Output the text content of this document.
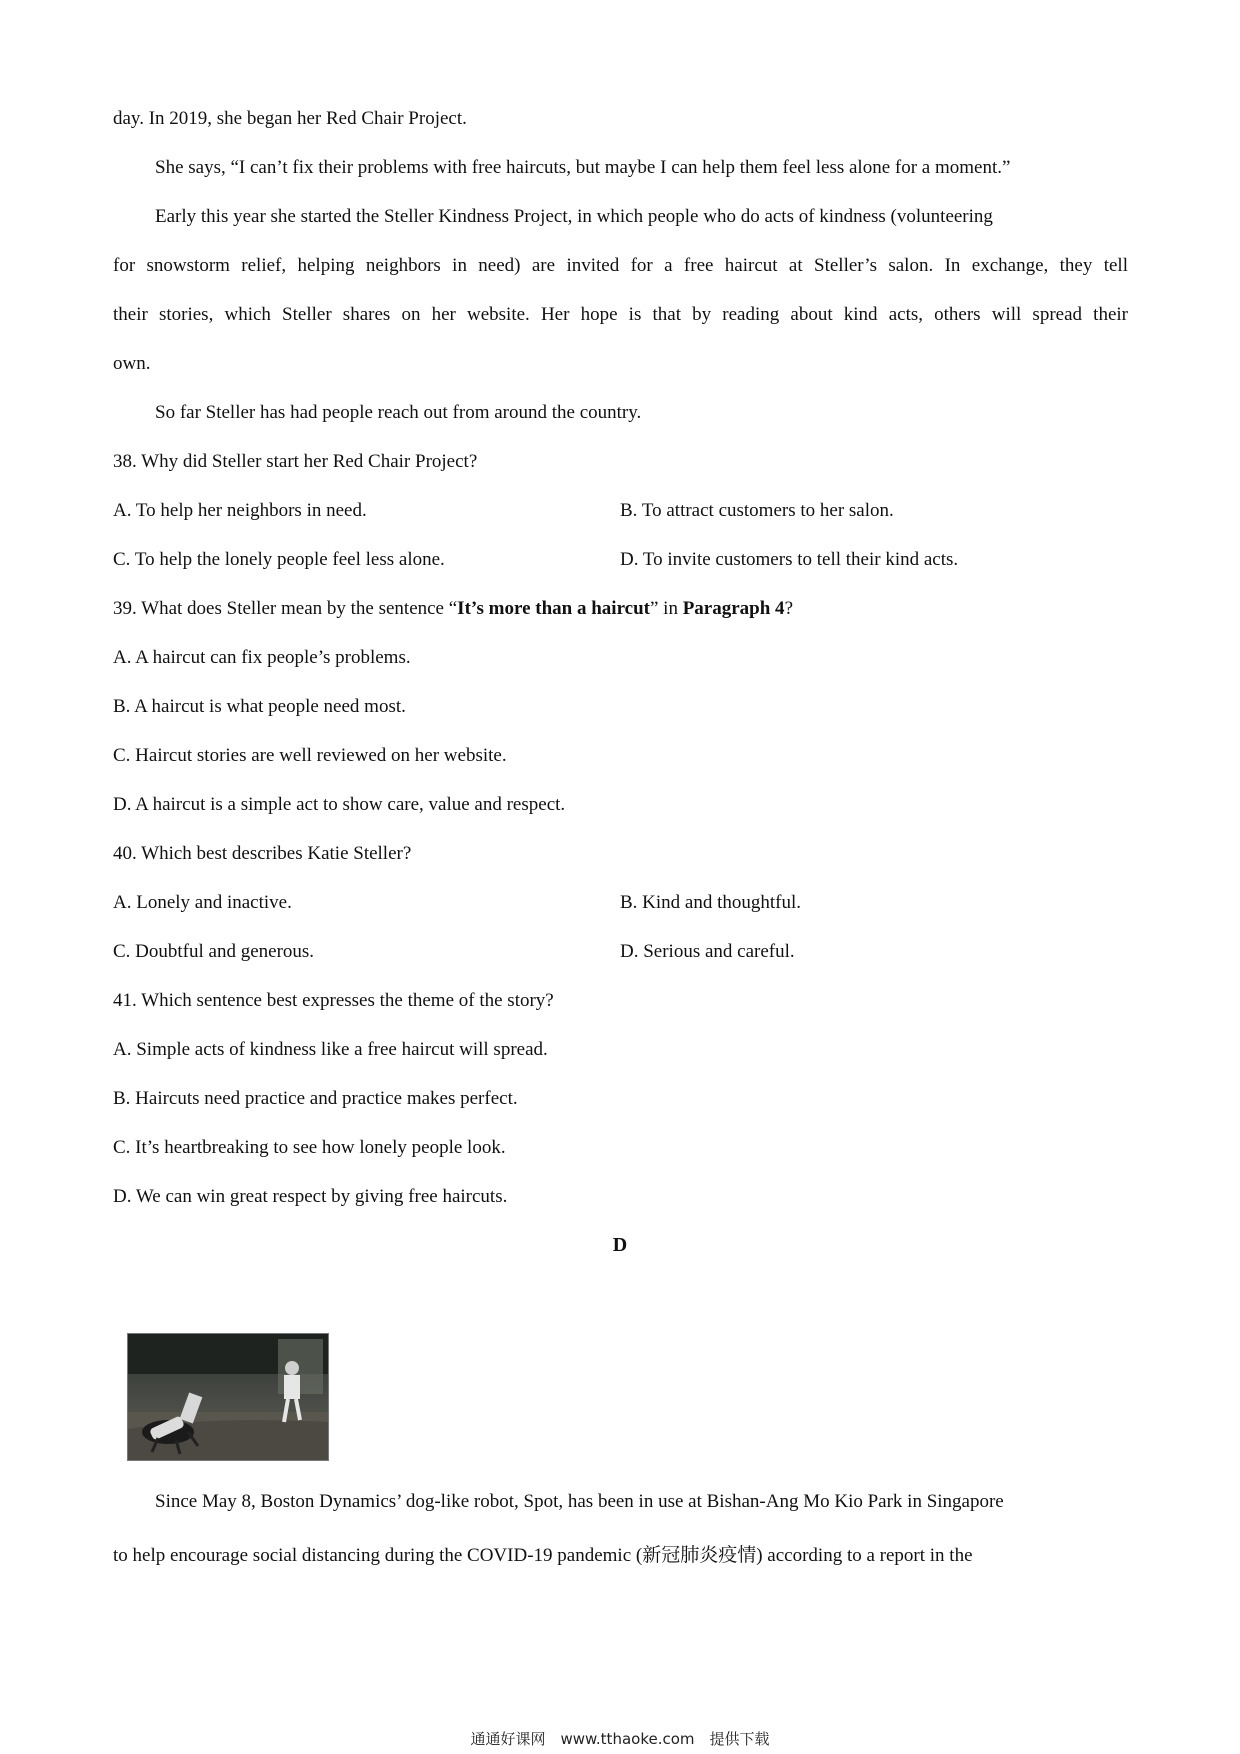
day. In 2019, she began her Red Chair Project.
She says, “I can’t fix their problems with free haircuts, but maybe I can help them feel less alone for a moment.”
Early this year she started the Steller Kindness Project, in which people who do acts of kindness (volunteering
for snowstorm relief, helping neighbors in need) are invited for a free haircut at Steller’s salon. In exchange, they tell
their stories, which Steller shares on her website. Her hope is that by reading about kind acts, others will spread their
own.
So far Steller has had people reach out from around the country.
38. Why did Steller start her Red Chair Project?
A. To help her neighbors in need.	B. To attract customers to her salon.
C. To help the lonely people feel less alone.	D. To invite customers to tell their kind acts.
39. What does Steller mean by the sentence “It’s more than a haircut” in Paragraph 4?
A. A haircut can fix people’s problems.
B. A haircut is what people need most.
C. Haircut stories are well reviewed on her website.
D. A haircut is a simple act to show care, value and respect.
40. Which best describes Katie Steller?
A. Lonely and inactive.	B. Kind and thoughtful.
C. Doubtful and generous.	D. Serious and careful.
41. Which sentence best expresses the theme of the story?
A. Simple acts of kindness like a free haircut will spread.
B. Haircuts need practice and practice makes perfect.
C. It’s heartbreaking to see how lonely people look.
D. We can win great respect by giving free haircuts.
D
Since May 8, Boston Dynamics’ dog-like robot, Spot, has been in use at Bishan-Ang Mo Kio Park in Singapore
to help encourage social distancing during the COVID-19 pandemic (新冠肺炎疫情) according to a report in the
通通好课网　www.tthaoke.com　提供下载
